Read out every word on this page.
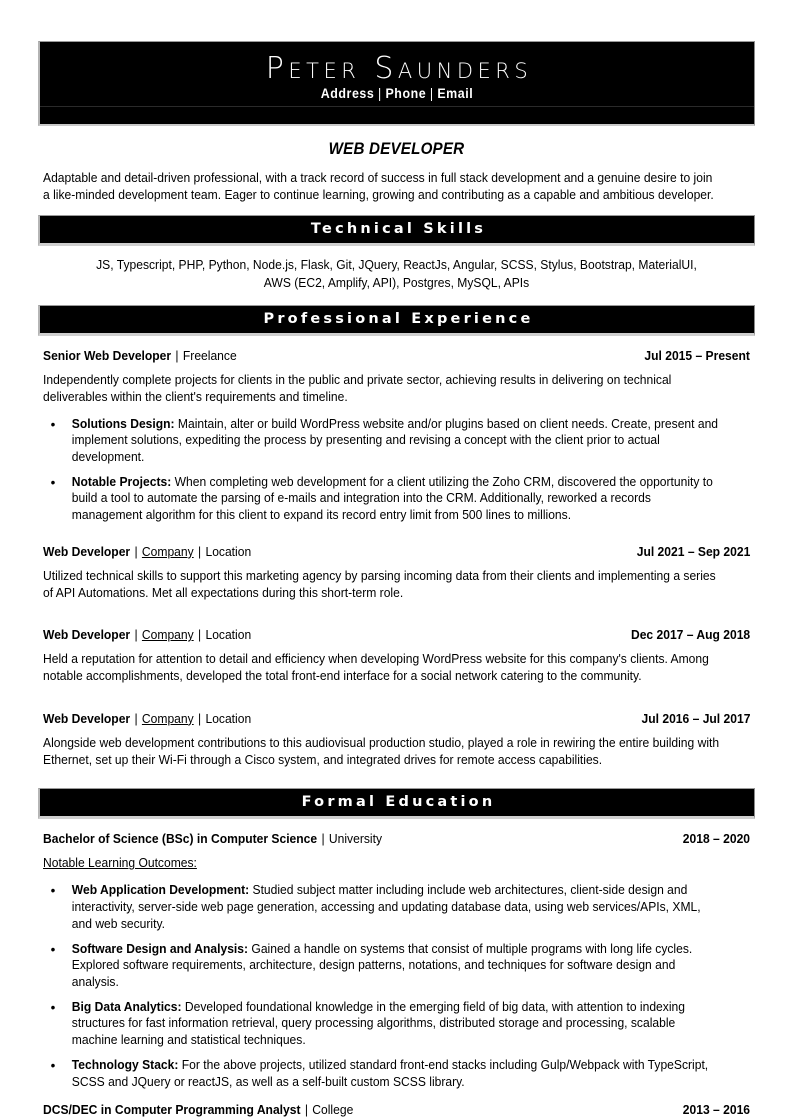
Peter Saunders
Address | Phone | Email
WEB DEVELOPER
Adaptable and detail-driven professional, with a track record of success in full stack development and a genuine desire to join a like-minded development team. Eager to continue learning, growing and contributing as a capable and ambitious developer.
Technical Skills
JS, Typescript, PHP, Python, Node.js, Flask, Git, JQuery, ReactJs, Angular, SCSS, Stylus, Bootstrap, MaterialUI,
AWS (EC2, Amplify, API), Postgres, MySQL, APIs
Professional Experience
Senior Web Developer | Freelance	Jul 2015 – Present
Independently complete projects for clients in the public and private sector, achieving results in delivering on technical deliverables within the client's requirements and timeline.
• Solutions Design: Maintain, alter or build WordPress website and/or plugins based on client needs. Create, present and implement solutions, expediting the process by presenting and revising a concept with the client prior to actual development.
• Notable Projects: When completing web development for a client utilizing the Zoho CRM, discovered the opportunity to build a tool to automate the parsing of e-mails and integration into the CRM. Additionally, reworked a records management algorithm for this client to expand its record entry limit from 500 lines to millions.
Web Developer | Company | Location	Jul 2021 – Sep 2021
Utilized technical skills to support this marketing agency by parsing incoming data from their clients and implementing a series of API Automations. Met all expectations during this short-term role.
Web Developer | Company | Location	Dec 2017 – Aug 2018
Held a reputation for attention to detail and efficiency when developing WordPress website for this company's clients. Among notable accomplishments, developed the total front-end interface for a social network catering to the community.
Web Developer | Company | Location	Jul 2016 – Jul 2017
Alongside web development contributions to this audiovisual production studio, played a role in rewiring the entire building with Ethernet, set up their Wi-Fi through a Cisco system, and integrated drives for remote access capabilities.
Formal Education
Bachelor of Science (BSc) in Computer Science | University	2018 – 2020
Notable Learning Outcomes:
• Web Application Development: Studied subject matter including include web architectures, client-side design and interactivity, server-side web page generation, accessing and updating database data, using web services/APIs, XML, and web security.
• Software Design and Analysis: Gained a handle on systems that consist of multiple programs with long life cycles. Explored software requirements, architecture, design patterns, notations, and techniques for software design and analysis.
• Big Data Analytics: Developed foundational knowledge in the emerging field of big data, with attention to indexing structures for fast information retrieval, query processing algorithms, distributed storage and processing, scalable machine learning and statistical techniques.
• Technology Stack: For the above projects, utilized standard front-end stacks including Gulp/Webpack with TypeScript, SCSS and JQuery or reactJS, as well as a self-built custom SCSS library.
DCS/DEC in Computer Programming Analyst | College	2013 – 2016
